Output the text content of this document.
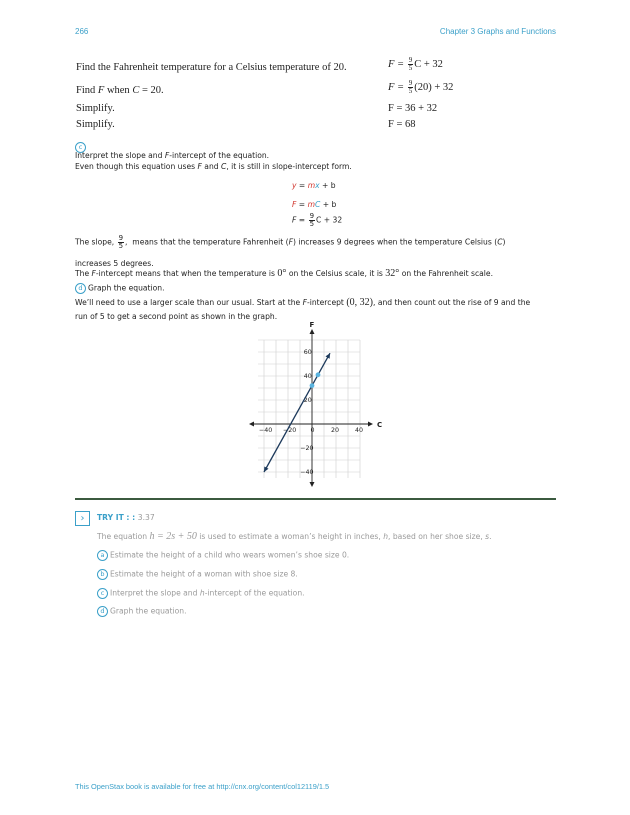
266	Chapter 3 Graphs and Functions
Find the Fahrenheit temperature for a Celsius temperature of 20.	$F = \frac{9}{5}$ C + 32
Find F when C = 20.	$F = \frac{9}{5} (20) + 32$
Simplify.	F = 36 + 32
Simplify.	F = 68
c
Interpret the slope and F-intercept of the equation.
Even though this equation uses F and C, it is still in slope-intercept form.
y = mx + b
F = mC + b
$F = \frac{9}{5}$ C + 32
The slope, $\frac{9}{5}$ , means that the temperature Fahrenheit (F) increases 9 degrees when the temperature Celsius (C)
increases 5 degrees.
The F-intercept means that when the temperature is 0° on the Celsius scale, it is 32° on the Fahrenheit scale.
d Graph the equation.
We’ll need to use a larger scale than our usual. Start at the F-intercept (0, 32), and then count out the rise of 9 and the
run of 5 to get a second point as shown in the graph.
C
F
−40 −20 0	20	40
−40
−20
20
40
60
›	TRY IT : : 3.37
The equation h = 2s + 50 is used to estimate a woman’s height in inches, h, based on her shoe size, s.
a Estimate the height of a child who wears women’s shoe size 0.
b Estimate the height of a woman with shoe size 8.
c Interpret the slope and h-intercept of the equation.
d Graph the equation.
This OpenStax book is available for free at http://cnx.org/content/col12119/1.5
